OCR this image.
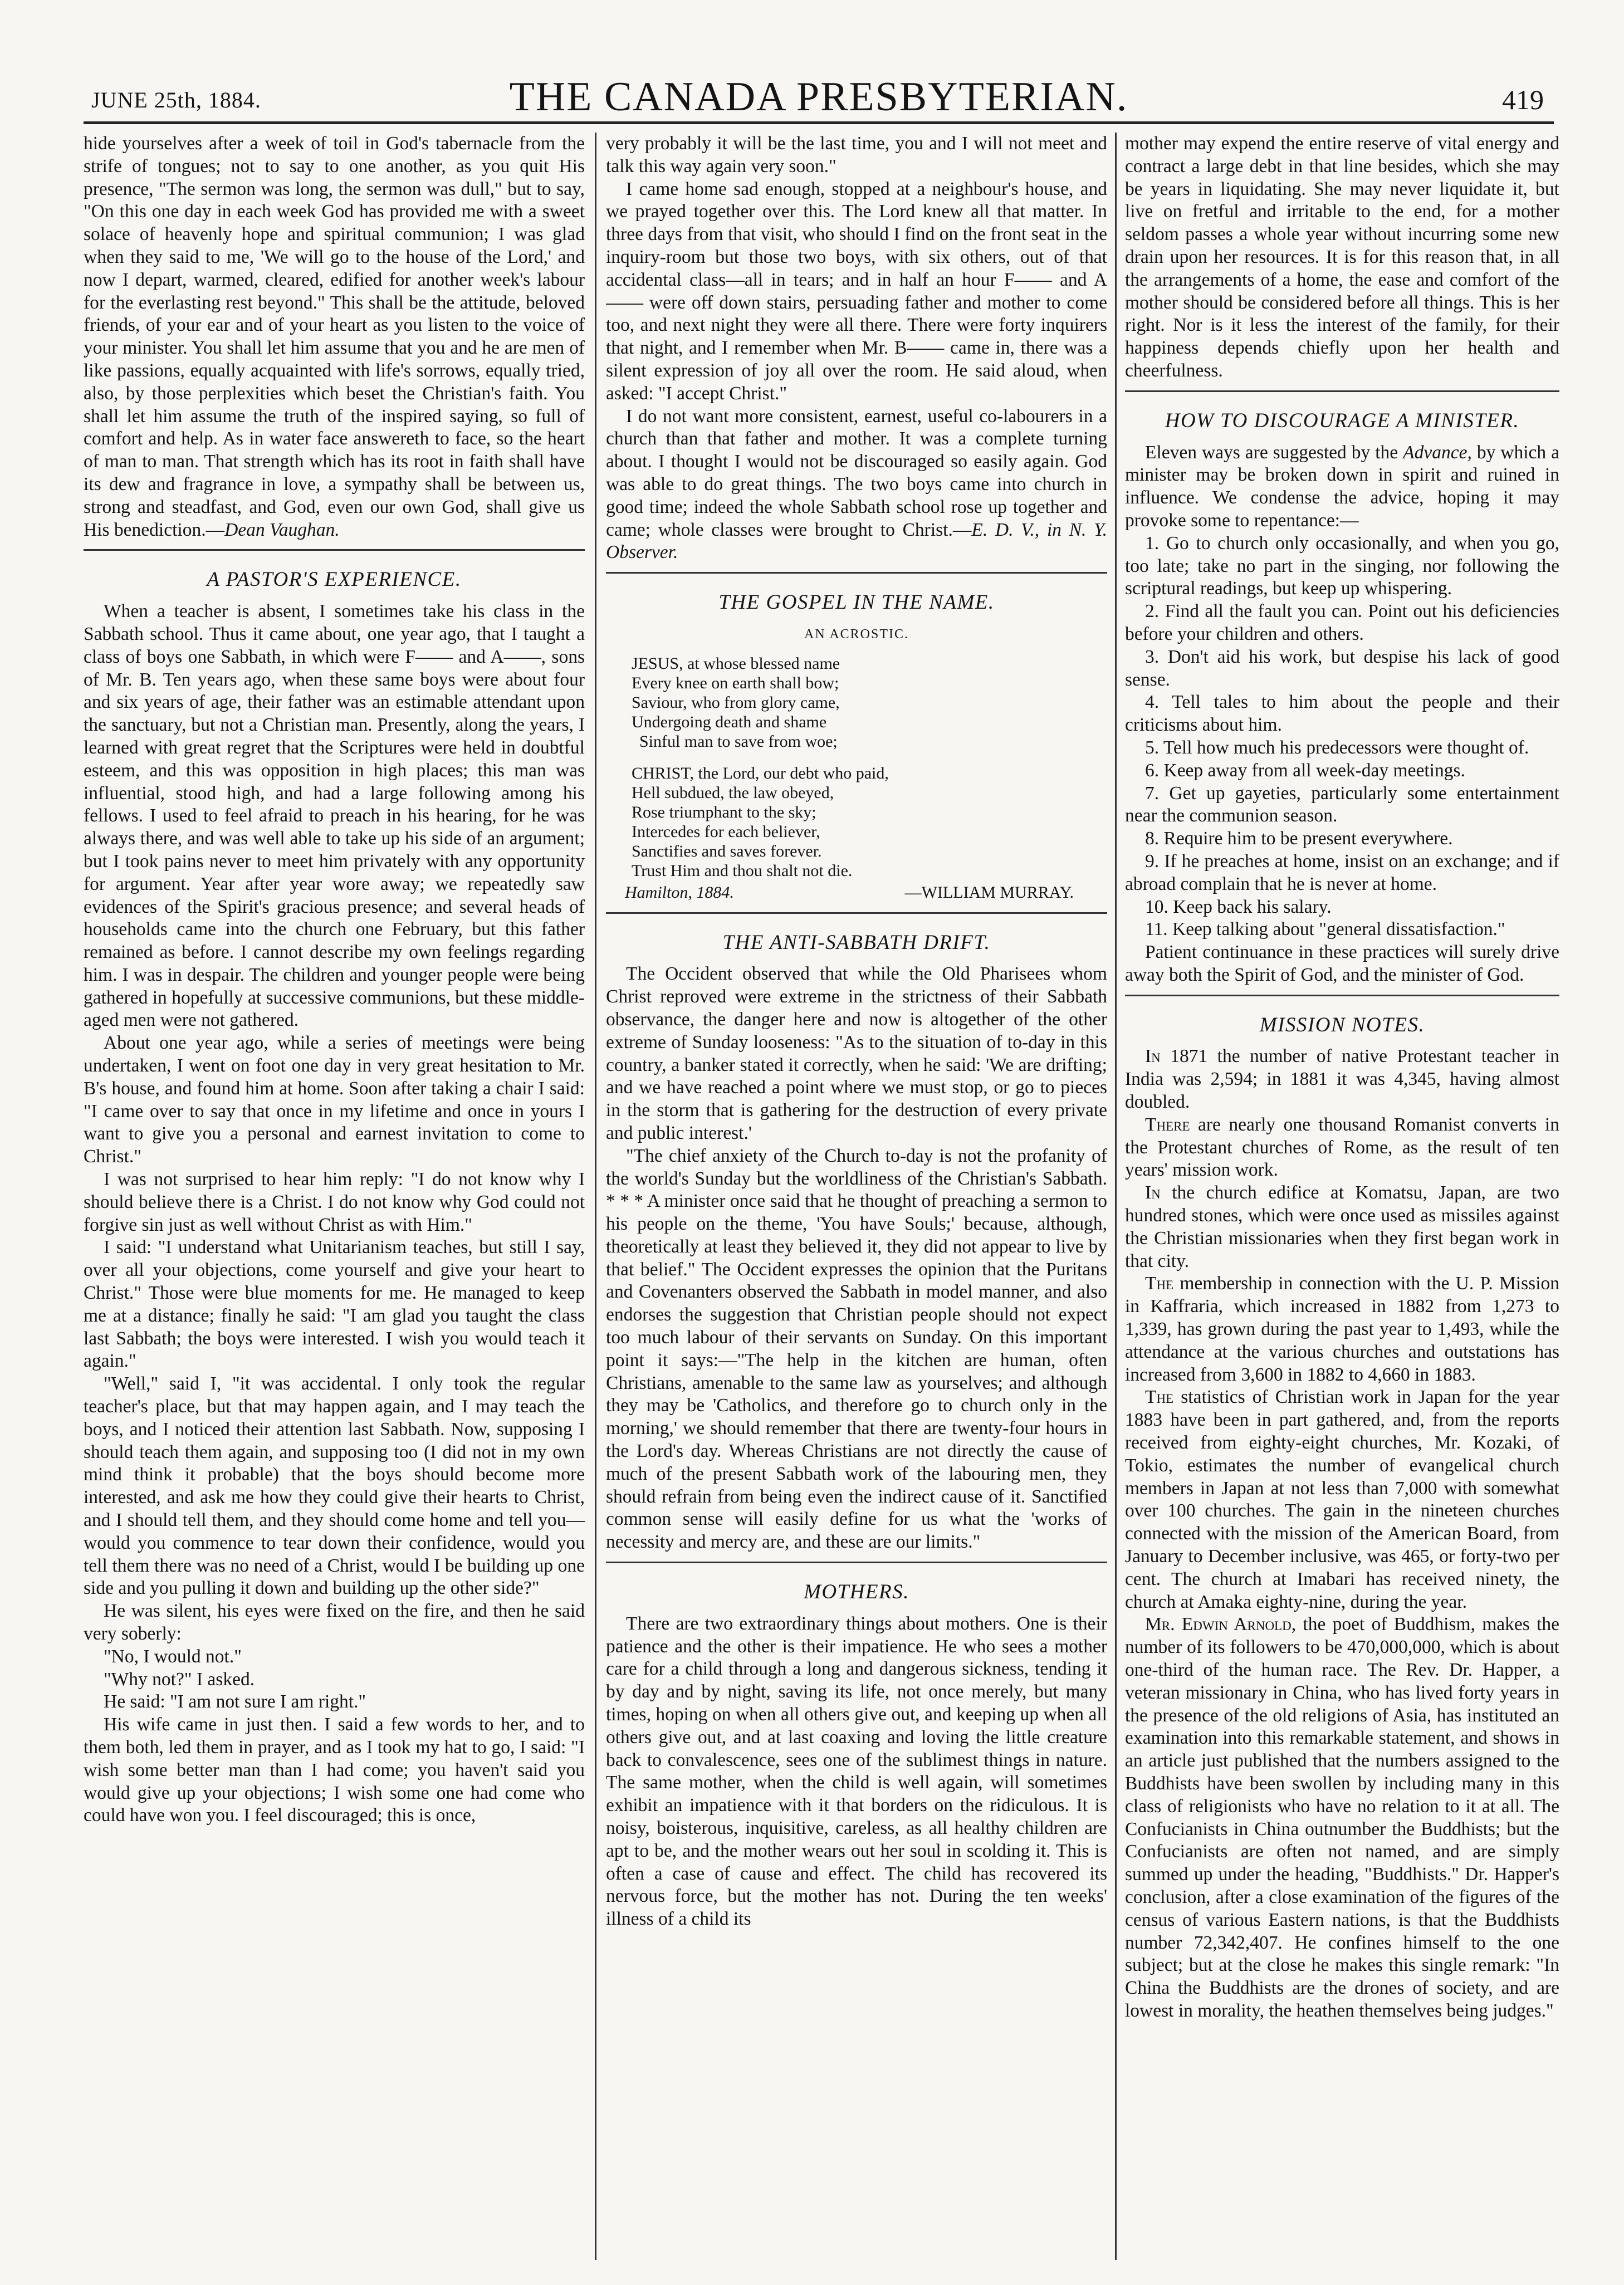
JUNE 25th, 1884.	THE CANADA PRESBYTERIAN.	419

hide yourselves after a week of toil in God's tabernacle from the strife of tongues; not to say to one another, as you quit His presence, "The sermon was long, the sermon was dull," but to say, "On this one day in each week God has provided me with a sweet solace of heavenly hope and spiritual communion; I was glad when they said to me, 'We will go to the house of the Lord,' and now I depart, warmed, cleared, edified for another week's labour for the everlasting rest beyond." This shall be the attitude, beloved friends, of your ear and of your heart as you listen to the voice of your minister. You shall let him assume that you and he are men of like passions, equally acquainted with life's sorrows, equally tried, also, by those perplexities which beset the Christian's faith. You shall let him assume the truth of the inspired saying, so full of comfort and help. As in water face answereth to face, so the heart of man to man. That strength which has its root in faith shall have its dew and fragrance in love, a sympathy shall be between us, strong and steadfast, and God, even our own God, shall give us His benediction.—Dean Vaughan.

A PASTOR'S EXPERIENCE.

When a teacher is absent, I sometimes take his class in the Sabbath school. Thus it came about, one year ago, that I taught a class of boys one Sabbath, in which were F—— and A——, sons of Mr. B. Ten years ago, when these same boys were about four and six years of age, their father was an estimable attendant upon the sanctuary, but not a Christian man. Presently, along the years, I learned with great regret that the Scriptures were held in doubtful esteem, and this was opposition in high places; this man was influential, stood high, and had a large following among his fellows. I used to feel afraid to preach in his hearing, for he was always there, and was well able to take up his side of an argument; but I took pains never to meet him privately with any opportunity for argument. Year after year wore away; we repeatedly saw evidences of the Spirit's gracious presence; and several heads of households came into the church one February, but this father remained as before. I cannot describe my own feelings regarding him. I was in despair. The children and younger people were being gathered in hopefully at successive communions, but these middle-aged men were not gathered.

About one year ago, while a series of meetings were being undertaken, I went on foot one day in very great hesitation to Mr. B's house, and found him at home. Soon after taking a chair I said: "I came over to say that once in my lifetime and once in yours I want to give you a personal and earnest invitation to come to Christ."

I was not surprised to hear him reply: "I do not know why I should believe there is a Christ. I do not know why God could not forgive sin just as well without Christ as with Him."

I said: "I understand what Unitarianism teaches, but still I say, over all your objections, come yourself and give your heart to Christ." Those were blue moments for me. He managed to keep me at a distance; finally he said: "I am glad you taught the class last Sabbath; the boys were interested. I wish you would teach it again."

"Well," said I, "it was accidental. I only took the regular teacher's place, but that may happen again, and I may teach the boys, and I noticed their attention last Sabbath. Now, supposing I should teach them again, and supposing too (I did not in my own mind think it probable) that the boys should become more interested, and ask me how they could give their hearts to Christ, and I should tell them, and they should come home and tell you—would you commence to tear down their confidence, would you tell them there was no need of a Christ, would I be building up one side and you pulling it down and building up the other side?"

He was silent, his eyes were fixed on the fire, and then he said very soberly:

"No, I would not."

"Why not?" I asked.

He said: "I am not sure I am right."

His wife came in just then. I said a few words to her, and to them both, led them in prayer, and as I took my hat to go, I said: "I wish some better man than I had come; you haven't said you would give up your objections; I wish some one had come who could have won you. I feel discouraged; this is once,

very probably it will be the last time, you and I will not meet and talk this way again very soon."

I came home sad enough, stopped at a neighbour's house, and we prayed together over this. The Lord knew all that matter. In three days from that visit, who should I find on the front seat in the inquiry-room but those two boys, with six others, out of that accidental class—all in tears; and in half an hour F—— and A—— were off down stairs, persuading father and mother to come too, and next night they were all there. There were forty inquirers that night, and I remember when Mr. B—— came in, there was a silent expression of joy all over the room. He said aloud, when asked: "I accept Christ."

I do not want more consistent, earnest, useful co-labourers in a church than that father and mother. It was a complete turning about. I thought I would not be discouraged so easily again. God was able to do great things. The two boys came into church in good time; indeed the whole Sabbath school rose up together and came; whole classes were brought to Christ.—E. D. V., in N. Y. Observer.

THE GOSPEL IN THE NAME.
AN ACROSTIC.
JESUS, at whose blessed name
Every knee on earth shall bow;
Saviour, who from glory came,
Undergoing death and shame
Sinful man to save from woe;
CHRIST, the Lord, our debt who paid,
Hell subdued, the law obeyed,
Rose triumphant to the sky;
Intercedes for each believer,
Sanctifies and saves forever.
Trust Him and thou shalt not die.
Hamilton, 1884.	—WILLIAM MURRAY.
THE ANTI-SABBATH DRIFT.

The Occident observed that while the Old Pharisees whom Christ reproved were extreme in the strictness of their Sabbath observance, the danger here and now is altogether of the other extreme of Sunday looseness: "As to the situation of to-day in this country, a banker stated it correctly, when he said: 'We are drifting; and we have reached a point where we must stop, or go to pieces in the storm that is gathering for the destruction of every private and public interest.'

"The chief anxiety of the Church to-day is not the profanity of the world's Sunday but the worldliness of the Christian's Sabbath. * * * A minister once said that he thought of preaching a sermon to his people on the theme, 'You have Souls;' because, although, theoretically at least they believed it, they did not appear to live by that belief." The Occident expresses the opinion that the Puritans and Covenanters observed the Sabbath in model manner, and also endorses the suggestion that Christian people should not expect too much labour of their servants on Sunday. On this important point it says:—"The help in the kitchen are human, often Christians, amenable to the same law as yourselves; and although they may be 'Catholics, and therefore go to church only in the morning,' we should remember that there are twenty-four hours in the Lord's day. Whereas Christians are not directly the cause of much of the present Sabbath work of the labouring men, they should refrain from being even the indirect cause of it. Sanctified common sense will easily define for us what the 'works of necessity and mercy are, and these are our limits."

MOTHERS.

There are two extraordinary things about mothers. One is their patience and the other is their impatience. He who sees a mother care for a child through a long and dangerous sickness, tending it by day and by night, saving its life, not once merely, but many times, hoping on when all others give out, and keeping up when all others give out, and at last coaxing and loving the little creature back to convalescence, sees one of the sublimest things in nature. The same mother, when the child is well again, will sometimes exhibit an impatience with it that borders on the ridiculous. It is noisy, boisterous, inquisitive, careless, as all healthy children are apt to be, and the mother wears out her soul in scolding it. This is often a case of cause and effect. The child has recovered its nervous force, but the mother has not. During the ten weeks' illness of a child its

mother may expend the entire reserve of vital energy and contract a large debt in that line besides, which she may be years in liquidating. She may never liquidate it, but live on fretful and irritable to the end, for a mother seldom passes a whole year without incurring some new drain upon her resources. It is for this reason that, in all the arrangements of a home, the ease and comfort of the mother should be considered before all things. This is her right. Nor is it less the interest of the family, for their happiness depends chiefly upon her health and cheerfulness.

HOW TO DISCOURAGE A MINISTER.

Eleven ways are suggested by the Advance, by which a minister may be broken down in spirit and ruined in influence. We condense the advice, hoping it may provoke some to repentance:—

1. Go to church only occasionally, and when you go, too late; take no part in the singing, nor following the scriptural readings, but keep up whispering.

2. Find all the fault you can. Point out his deficiencies before your children and others.

3. Don't aid his work, but despise his lack of good sense.

4. Tell tales to him about the people and their criticisms about him.

5. Tell how much his predecessors were thought of.

6. Keep away from all week-day meetings.

7. Get up gayeties, particularly some entertainment near the communion season.

8. Require him to be present everywhere.

9. If he preaches at home, insist on an exchange; and if abroad complain that he is never at home.

10. Keep back his salary.

11. Keep talking about "general dissatisfaction."

Patient continuance in these practices will surely drive away both the Spirit of God, and the minister of God.

MISSION NOTES.

In 1871 the number of native Protestant teacher in India was 2,594; in 1881 it was 4,345, having almost doubled.

There are nearly one thousand Romanist converts in the Protestant churches of Rome, as the result of ten years' mission work.

In the church edifice at Komatsu, Japan, are two hundred stones, which were once used as missiles against the Christian missionaries when they first began work in that city.

The membership in connection with the U. P. Mission in Kaffraria, which increased in 1882 from 1,273 to 1,339, has grown during the past year to 1,493, while the attendance at the various churches and outstations has increased from 3,600 in 1882 to 4,660 in 1883.

The statistics of Christian work in Japan for the year 1883 have been in part gathered, and, from the reports received from eighty-eight churches, Mr. Kozaki, of Tokio, estimates the number of evangelical church members in Japan at not less than 7,000 with somewhat over 100 churches. The gain in the nineteen churches connected with the mission of the American Board, from January to December inclusive, was 465, or forty-two per cent. The church at Imabari has received ninety, the church at Amaka eighty-nine, during the year.

Mr. Edwin Arnold, the poet of Buddhism, makes the number of its followers to be 470,000,000, which is about one-third of the human race. The Rev. Dr. Happer, a veteran missionary in China, who has lived forty years in the presence of the old religions of Asia, has instituted an examination into this remarkable statement, and shows in an article just published that the numbers assigned to the Buddhists have been swollen by including many in this class of religionists who have no relation to it at all. The Confucianists in China outnumber the Buddhists; but the Confucianists are often not named, and are simply summed up under the heading, "Buddhists." Dr. Happer's conclusion, after a close examination of the figures of the census of various Eastern nations, is that the Buddhists number 72,342,407. He confines himself to the one subject; but at the close he makes this single remark: "In China the Buddhists are the drones of society, and are lowest in morality, the heathen themselves being judges."
